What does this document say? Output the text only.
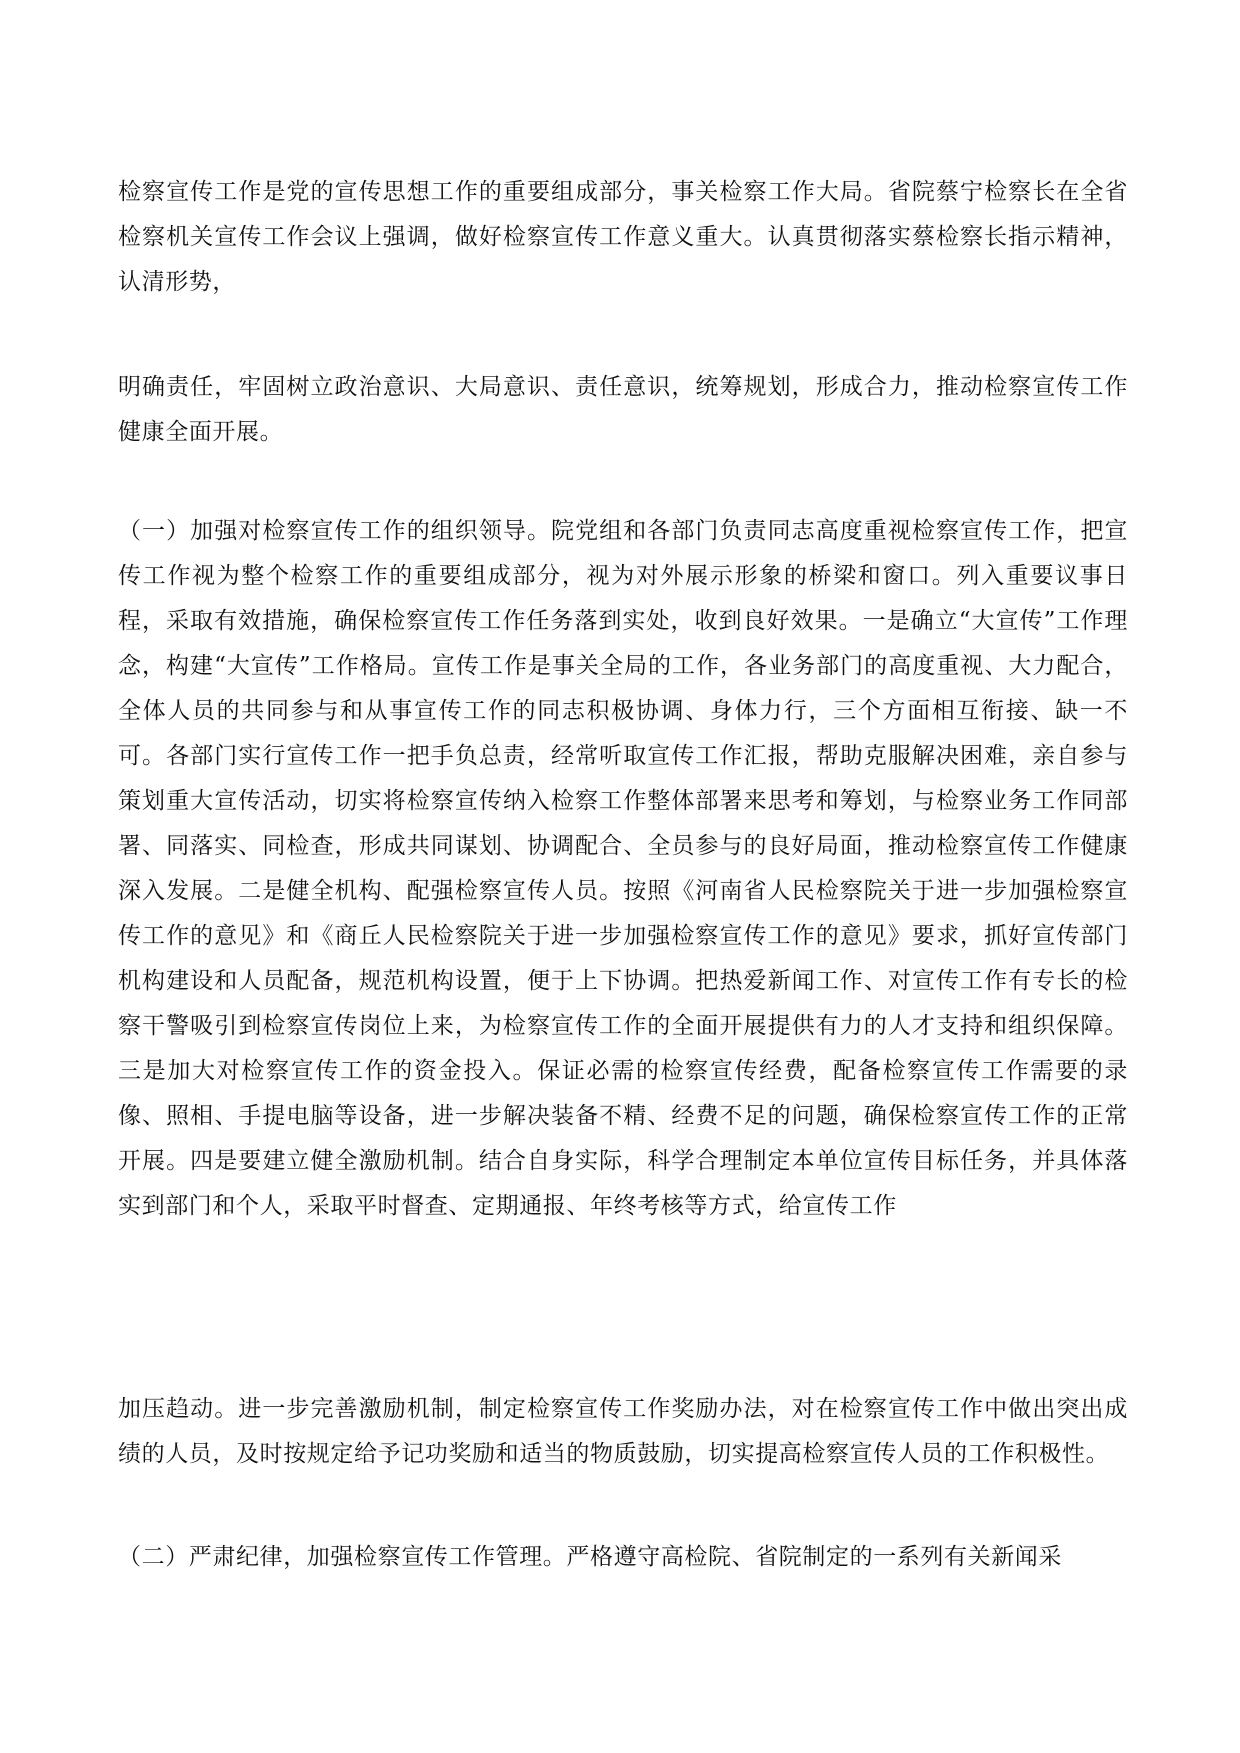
检察宣传工作是党的宣传思想工作的重要组成部分，事关检察工作大局。省院蔡宁检察长在全省检察机关宣传工作会议上强调，做好检察宣传工作意义重大。认真贯彻落实蔡检察长指示精神，认清形势，

明确责任，牢固树立政治意识、大局意识、责任意识，统筹规划，形成合力，推动检察宣传工作健康全面开展。

（一）加强对检察宣传工作的组织领导。院党组和各部门负责同志高度重视检察宣传工作，把宣传工作视为整个检察工作的重要组成部分，视为对外展示形象的桥梁和窗口。列入重要议事日程，采取有效措施，确保检察宣传工作任务落到实处，收到良好效果。一是确立“大宣传”工作理念，构建“大宣传”工作格局。宣传工作是事关全局的工作，各业务部门的高度重视、大力配合，全体人员的共同参与和从事宣传工作的同志积极协调、身体力行，三个方面相互衔接、缺一不可。各部门实行宣传工作一把手负总责，经常听取宣传工作汇报，帮助克服解决困难，亲自参与策划重大宣传活动，切实将检察宣传纳入检察工作整体部署来思考和筹划，与检察业务工作同部署、同落实、同检查，形成共同谋划、协调配合、全员参与的良好局面，推动检察宣传工作健康深入发展。二是健全机构、配强检察宣传人员。按照《河南省人民检察院关于进一步加强检察宣传工作的意见》和《商丘人民检察院关于进一步加强检察宣传工作的意见》要求，抓好宣传部门机构建设和人员配备，规范机构设置，便于上下协调。把热爱新闻工作、对宣传工作有专长的检察干警吸引到检察宣传岗位上来，为检察宣传工作的全面开展提供有力的人才支持和组织保障。三是加大对检察宣传工作的资金投入。保证必需的检察宣传经费，配备检察宣传工作需要的录像、照相、手提电脑等设备，进一步解决装备不精、经费不足的问题，确保检察宣传工作的正常开展。四是要建立健全激励机制。结合自身实际，科学合理制定本单位宣传目标任务，并具体落实到部门和个人，采取平时督查、定期通报、年终考核等方式，给宣传工作

加压趋动。进一步完善激励机制，制定检察宣传工作奖励办法，对在检察宣传工作中做出突出成绩的人员，及时按规定给予记功奖励和适当的物质鼓励，切实提高检察宣传人员的工作积极性。

（二）严肃纪律，加强检察宣传工作管理。严格遵守高检院、省院制定的一系列有关新闻采
